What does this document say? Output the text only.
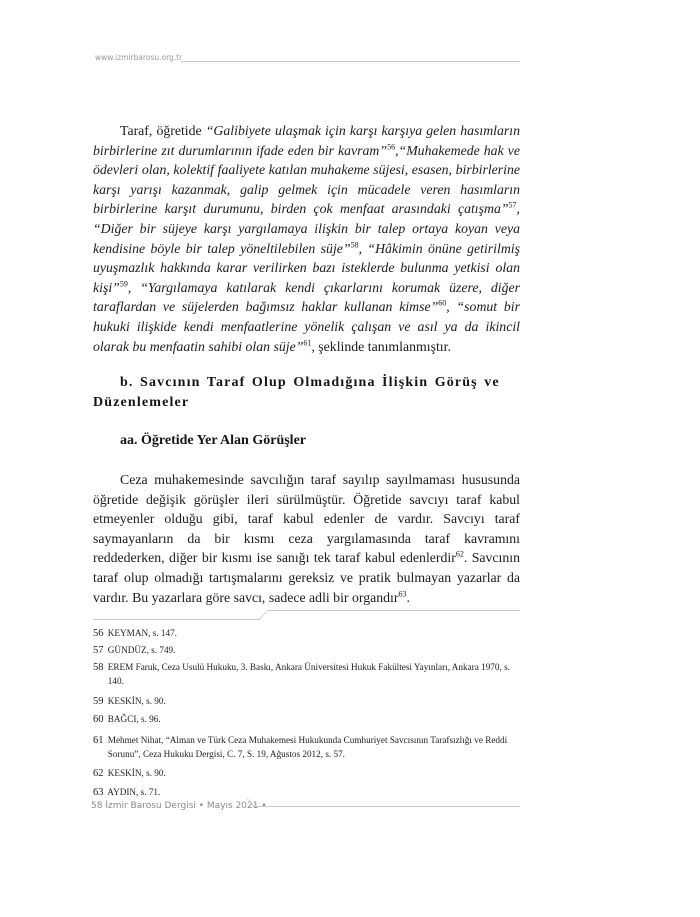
www.izmirbarosu.org.tr

Taraf, öğretide “Galibiyete ulaşmak için karşı karşıya gelen hasımların birbirlerine zıt durumlarının ifade eden bir kavram”$^{56}$,“Muhakemede hak ve ödevleri olan, kolektif faaliyete katılan muhakeme süjesi, esasen, birbirlerine karşı yarışı kazanmak, galip gelmek için mücadele veren hasımların birbirlerine karşıt durumunu, birden çok menfaat arasındaki çatışma”$^{57}$, “Diğer bir süjeye karşı yargılamaya ilişkin bir talep ortaya koyan veya kendisine böyle bir talep yöneltilebilen süje”$^{58}$, “Hâkimin önüne getirilmiş uyuşmazlık hakkında karar verilirken bazı isteklerde bulunma yetkisi olan kişi”$^{59}$, “Yargılamaya katılarak kendi çıkarlarını korumak üzere, diğer taraflardan ve süjelerden bağımsız haklar kullanan kimse”$^{60}$, “somut bir hukuki ilişkide kendi menfaatlerine yönelik çalışan ve asıl ya da ikincil olarak bu menfaatin sahibi olan süje”$^{61}$, şeklinde tanımlanmıştır.

b. Savcının Taraf Olup Olmadığına İlişkin Görüş ve
Düzenlemeler
aa. Öğretide Yer Alan Görüşler

Ceza muhakemesinde savcılığın taraf sayılıp sayılmaması hususunda öğretide değişik görüşler ileri sürülmüştür. Öğretide savcıyı taraf kabul etmeyenler olduğu gibi, taraf kabul edenler de vardır. Savcıyı taraf saymayanların da bir kısmı ceza yargılamasında taraf kavramını reddederken, diğer bir kısmı ise sanığı tek taraf kabul edenlerdir$^{62}$. Savcının taraf olup olmadığı tartışmalarını gereksiz ve pratik bulmayan yazarlar da vardır. Bu yazarlara göre savcı, sadece adli bir organdır$^{63}$.

56 KEYMAN, s. 147.
57 GÜNDÜZ, s. 749.
58 EREM Faruk, Ceza Usulü Hukuku, 3. Baskı, Ankara Üniversitesi Hukuk Fakültesi Yayınları, Ankara 1970, s. 140.
59 KESKİN, s. 90.
60 BAĞCI, s. 96.
61 Mehmet Nihat, “Alman ve Türk Ceza Muhakemesi Hukukunda Cumhuriyet Savcısının Tarafsızlığı ve Reddi Sorunu”, Ceza Hukuku Dergisi, C. 7, S. 19, Ağustos 2012, s. 57.
62 KESKİN, s. 90.
63 AYDIN, s. 71.
58 İzmir Barosu Dergisi • Mayıs 2021 •
